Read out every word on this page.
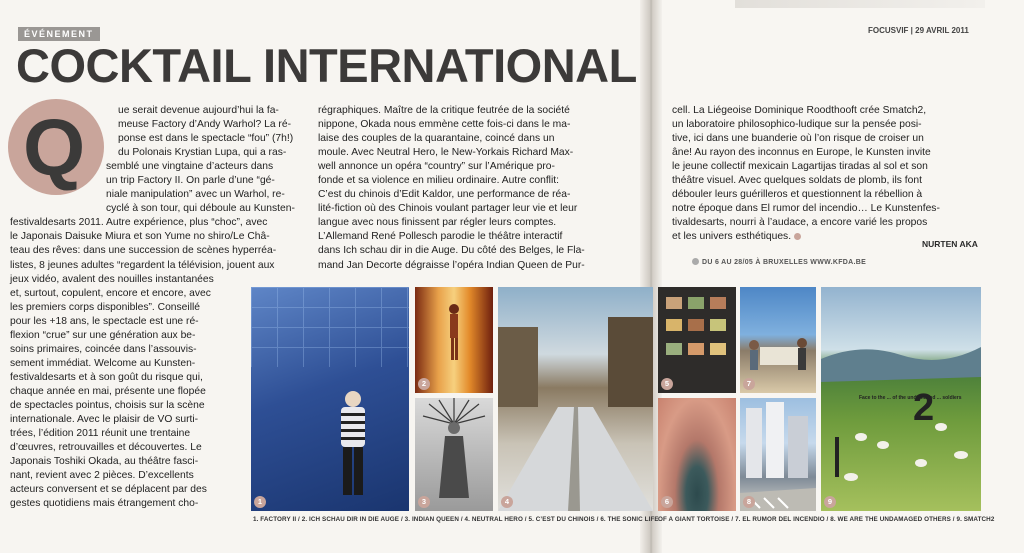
ÉVÉNEMENT
COCKTAIL INTERNATIONAL
FOCUSVIF | 29 AVRIL 2011
Q	ue serait devenue aujourd’hui la fa-
meuse Factory d’Andy Warhol? La ré-
ponse est dans le spectacle “fou” (7h!)
du Polonais Krystian Lupa, qui a ras-
semblé une vingtaine d’acteurs dans
un trip Factory II. On parle d’une “gé-
niale manipulation” avec un Warhol, re-
cyclé à son tour, qui déboule au Kunsten-

festivaldesarts 2011. Autre expérience, plus “choc”, avec

le Japonais Daisuke Miura et son Yume no shiro/Le Châ-

teau des rêves: dans une succession de scènes hyperréa-

listes, 8 jeunes adultes “regardent la télévision, jouent aux

jeux vidéo, avalent des nouilles instantanées

et, surtout, copulent, encore et encore, avec

les premiers corps disponibles”. Conseillé

pour les +18 ans, le spectacle est une ré-

flexion “crue” sur une génération aux be-

soins primaires, coincée dans l’assouvis-

sement immédiat. Welcome au Kunsten-

festivaldesarts et à son goût du risque qui,

chaque année en mai, présente une flopée

de spectacles pointus, choisis sur la scène

internationale. Avec le plaisir de VO surti-

trées, l’édition 2011 réunit une trentaine

d’œuvres, retrouvailles et découvertes. Le

Japonais Toshiki Okada, au théâtre fasci-

nant, revient avec 2 pièces. D’excellents

acteurs conversent et se déplacent par des

gestes quotidiens mais étrangement cho-

régraphiques. Maître de la critique feutrée de la société

nippone, Okada nous emmène cette fois-ci dans le ma-

laise des couples de la quarantaine, coincé dans un

moule. Avec Neutral Hero, le New-Yorkais Richard Max-

well annonce un opéra “country” sur l’Amérique pro-

fonde et sa violence en milieu ordinaire. Autre conflit:

C’est du chinois d’Edit Kaldor, une performance de réa-

lité-fiction où des Chinois voulant partager leur vie et leur

langue avec nous finissent par régler leurs comptes.

L’Allemand René Pollesch parodie le théâtre interactif

dans Ich schau dir in die Auge. Du côté des Belges, le Fla-

mand Jan Decorte dégraisse l’opéra Indian Queen de Pur-

cell. La Liégeoise Dominique Roodthooft crée Smatch2,

un laboratoire philosophico-ludique sur la pensée posi-

tive, ici dans une buanderie où l’on risque de croiser un

âne! Au rayon des inconnus en Europe, le Kunsten invite

le jeune collectif mexicain Lagartijas tiradas al sol et son

théâtre visuel. Avec quelques soldats de plomb, ils font

débouler leurs guérilleros et questionnent la rébellion à

notre époque dans El rumor del incendio… Le Kunstenfes-

tivaldesarts, nourri à l’audace, a encore varié les propos

et les univers esthétiques.

NURTEN AKA
DU 6 AU 28/05 À BRUXELLES WWW.KFDA.BE
1
2
3	4
5
6
7
8
Face to the ... of the undamaged ... soldiers
2
9
1. FACTORY II / 2. ICH SCHAU DIR IN DIE AUGE / 3. INDIAN QUEEN / 4. NEUTRAL HERO / 5. C’EST DU CHINOIS / 6. THE SONIC LIFE OF A GIANT TORTOISE / 7. EL RUMOR DEL INCENDIO / 8. WE ARE THE UNDAMAGED OTHERS / 9. SMATCH2
